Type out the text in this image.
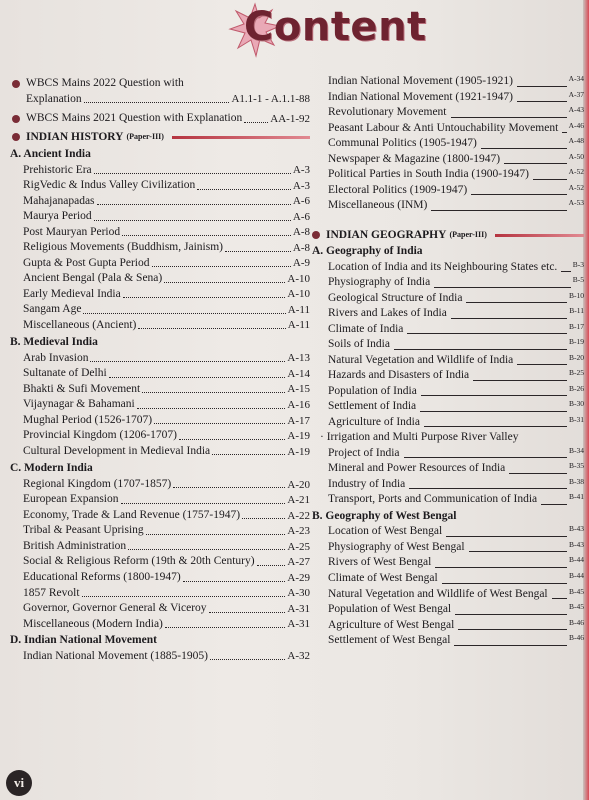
Content
WBCS Mains 2022 Question with
Explanation	A1.1-1 - A.1.1-88
WBCS Mains 2021 Question with Explanation	AA-1-92
INDIAN HISTORY (Paper-III)
A. Ancient India
Prehistoric Era	A-3
RigVedic & Indus Valley Civilization	A-3
Mahajanapadas	A-6
Maurya Period	A-6
Post Mauryan Period	A-8
Religious Movements (Buddhism, Jainism)	A-8
Gupta & Post Gupta Period	A-9
Ancient Bengal (Pala & Sena)	A-10
Early Medieval India	A-10
Sangam Age	A-11
Miscellaneous (Ancient)	A-11
B. Medieval India
Arab Invasion	A-13
Sultanate of Delhi	A-14
Bhakti & Sufi Movement	A-15
Vijaynagar & Bahamani	A-16
Mughal Period (1526-1707)	A-17
Provincial Kingdom (1206-1707)	A-19
Cultural Development in Medieval India	A-19
C. Modern India
Regional Kingdom (1707-1857)	A-20
European Expansion	A-21
Economy, Trade & Land Revenue (1757-1947)	A-22
Tribal & Peasant Uprising	A-23
British Administration	A-25
Social & Religious Reform (19th & 20th Century)	A-27
Educational Reforms (1800-1947)	A-29
1857 Revolt	A-30
Governor, Governor General & Viceroy	A-31
Miscellaneous (Modern India)	A-31
D. Indian National Movement
Indian National Movement (1885-1905)	A-32
Indian National Movement (1905-1921)	A-34
Indian National Movement (1921-1947)	A-37
Revolutionary Movement	A-43
Peasant Labour & Anti Untouchability Movement A-46
Communal Politics (1905-1947)	A-48
Newspaper & Magazine (1800-1947)	A-50
Political Parties in South India (1900-1947)	A-52
Electoral Politics (1909-1947)	A-52
Miscellaneous (INM)	A-53
INDIAN GEOGRAPHY (Paper-III)
A. Geography of India
Location of India and its Neighbouring States etc. B-3
Physiography of India	B-5
Geological Structure of India	B-10
Rivers and Lakes of India	B-11
Climate of India	B-17
Soils of India	B-19
Natural Vegetation and Wildlife of India	B-20
Hazards and Disasters of India	B-25
Population of India	B-26
Settlement of India	B-30
Agriculture of India	B-31
· Irrigation and Multi Purpose River Valley
Project of India	B-34
Mineral and Power Resources of India	B-35
Industry of India	B-38
Transport, Ports and Communication of India	B-41
B. Geography of West Bengal
Location of West Bengal	B-43
Physiography of West Bengal	B-43
Rivers of West Bengal	B-44
Climate of West Bengal	B-44
Natural Vegetation and Wildlife of West Bengal	B-45
Population of West Bengal	B-45
Agriculture of West Bengal	B-46
Settlement of West Bengal	B-46
vi
